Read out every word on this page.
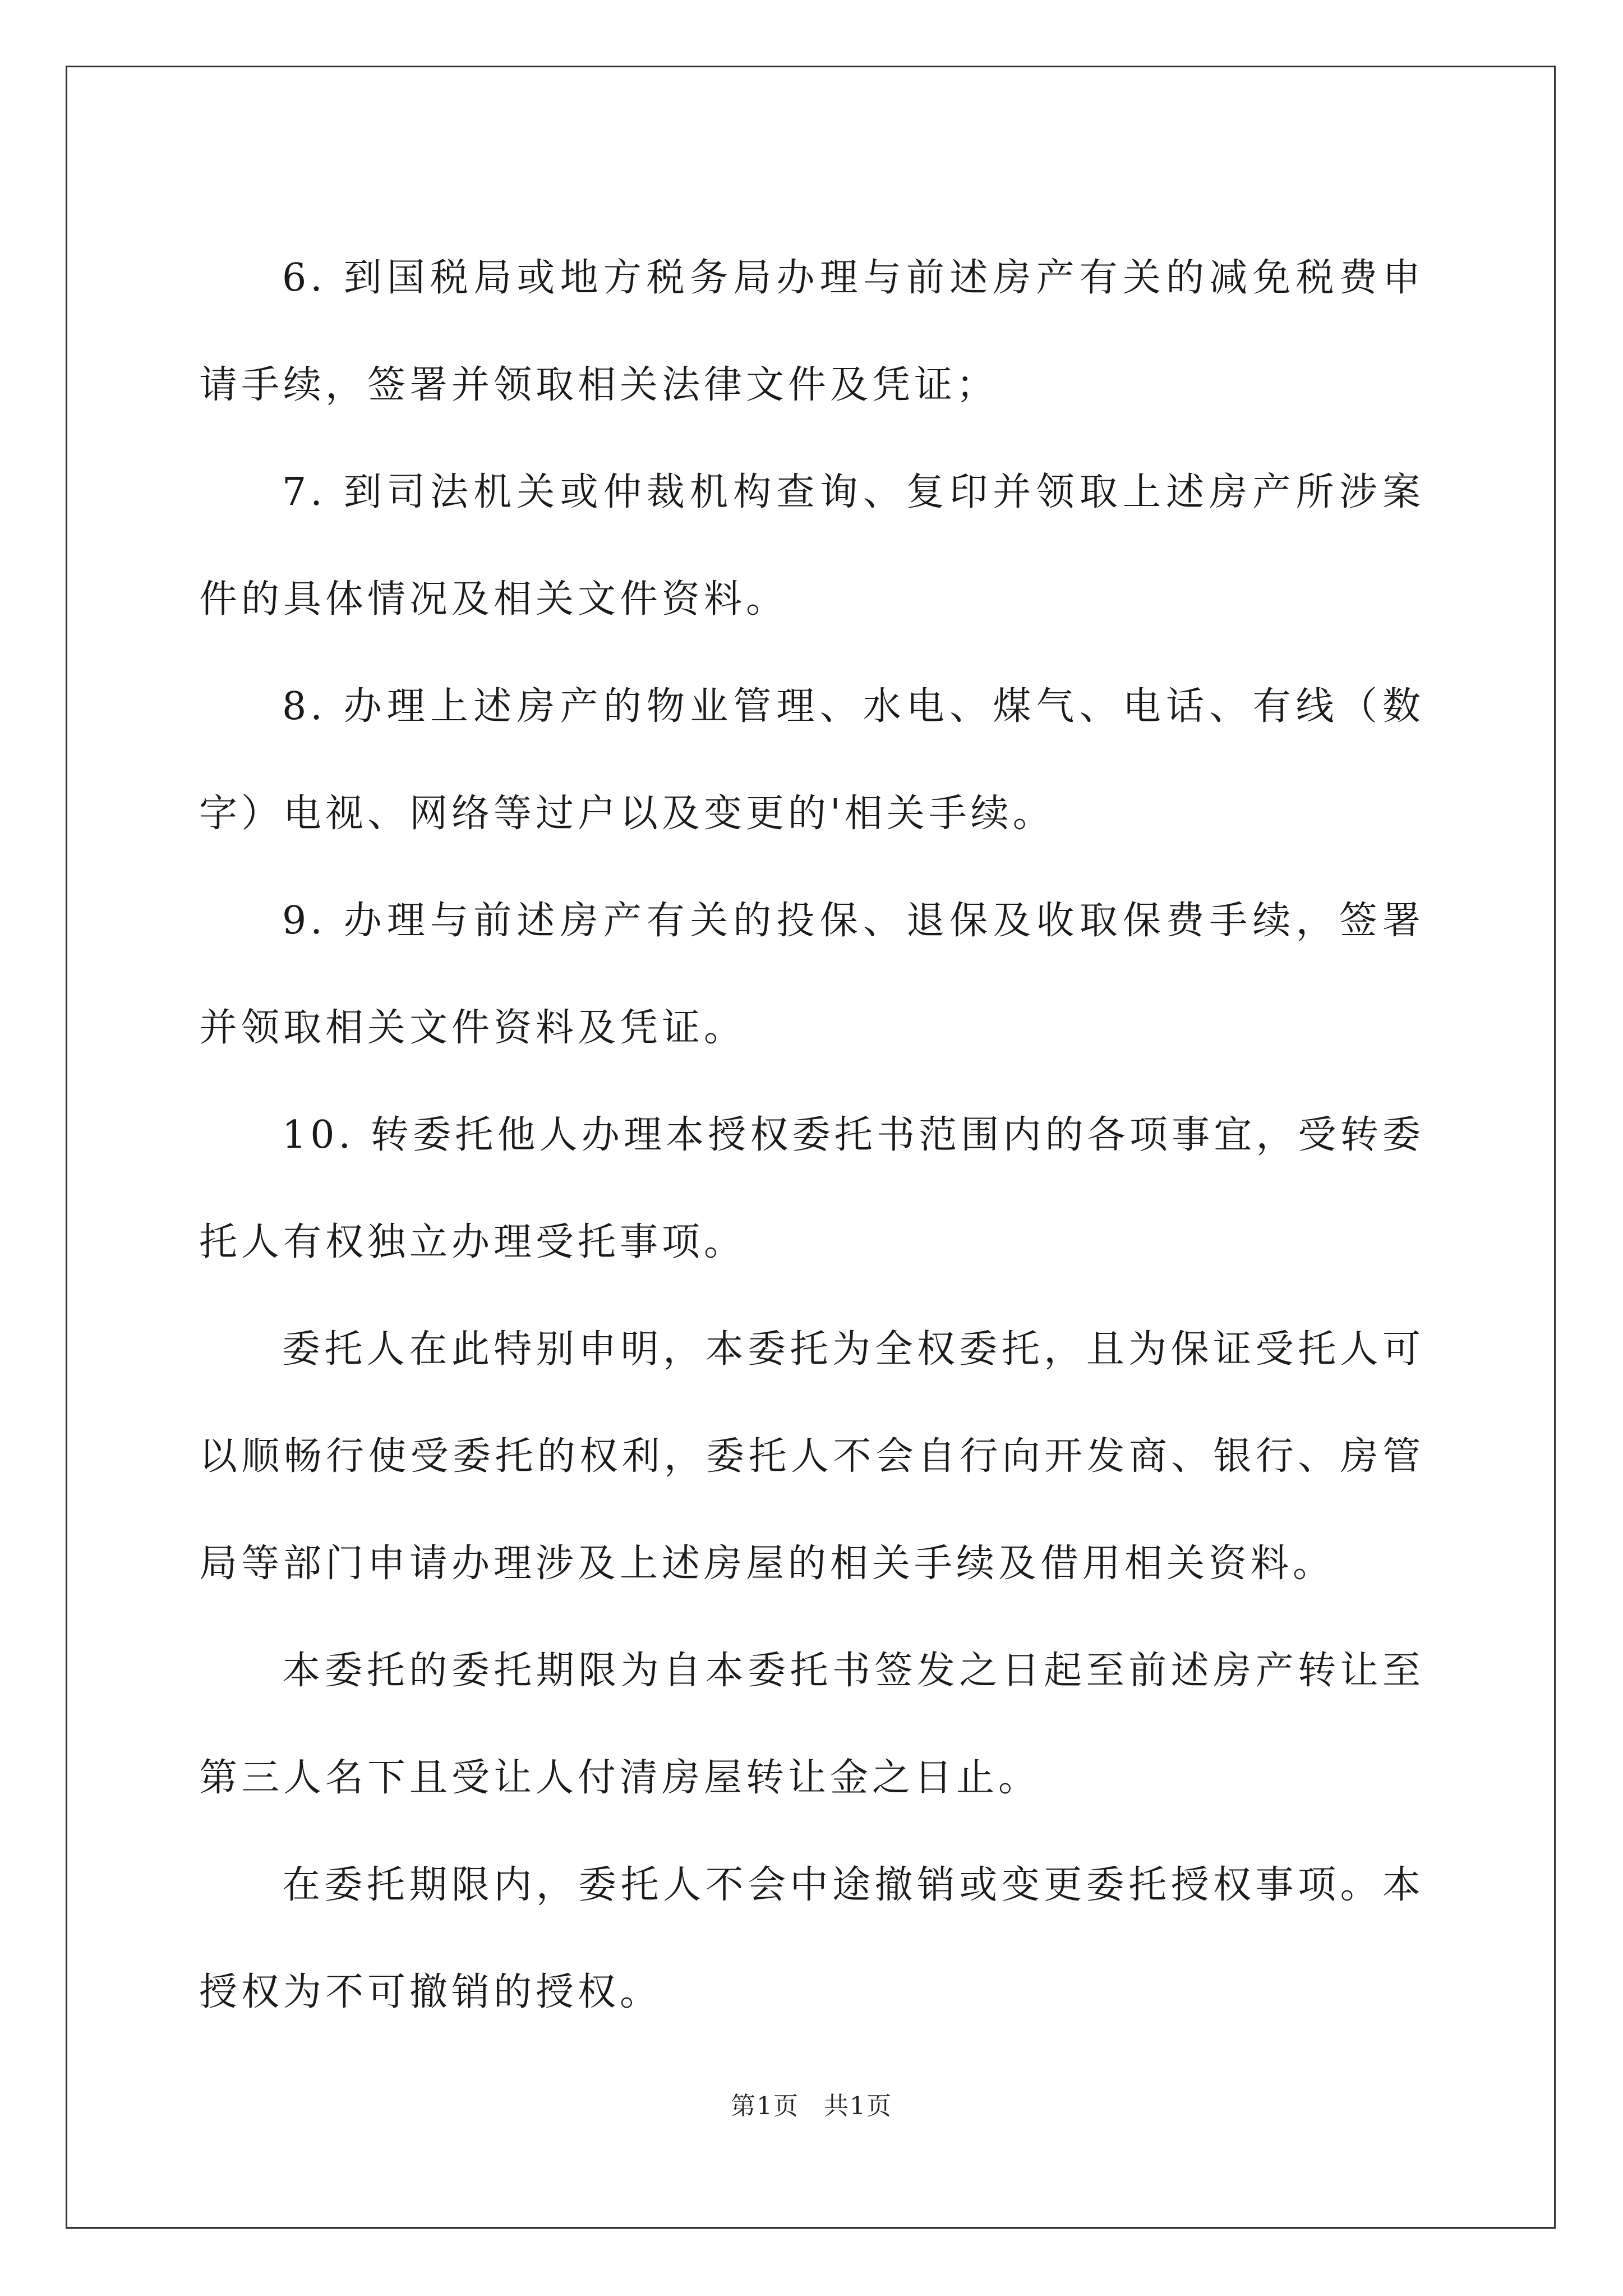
6. 到国税局或地方税务局办理与前述房产有关的减免税费申请手续，签署并领取相关法律文件及凭证；

7. 到司法机关或仲裁机构查询、复印并领取上述房产所涉案件的具体情况及相关文件资料。

8. 办理上述房产的物业管理、水电、煤气、电话、有线（数字）电视、网络等过户以及变更的'相关手续。

9. 办理与前述房产有关的投保、退保及收取保费手续，签署并领取相关文件资料及凭证。

10. 转委托他人办理本授权委托书范围内的各项事宜，受转委托人有权独立办理受托事项。

委托人在此特别申明，本委托为全权委托，且为保证受托人可以顺畅行使受委托的权利，委托人不会自行向开发商、银行、房管局等部门申请办理涉及上述房屋的相关手续及借用相关资料。

本委托的委托期限为自本委托书签发之日起至前述房产转让至第三人名下且受让人付清房屋转让金之日止。

在委托期限内，委托人不会中途撤销或变更委托授权事项。本授权为不可撤销的授权。

第1页 共1页
